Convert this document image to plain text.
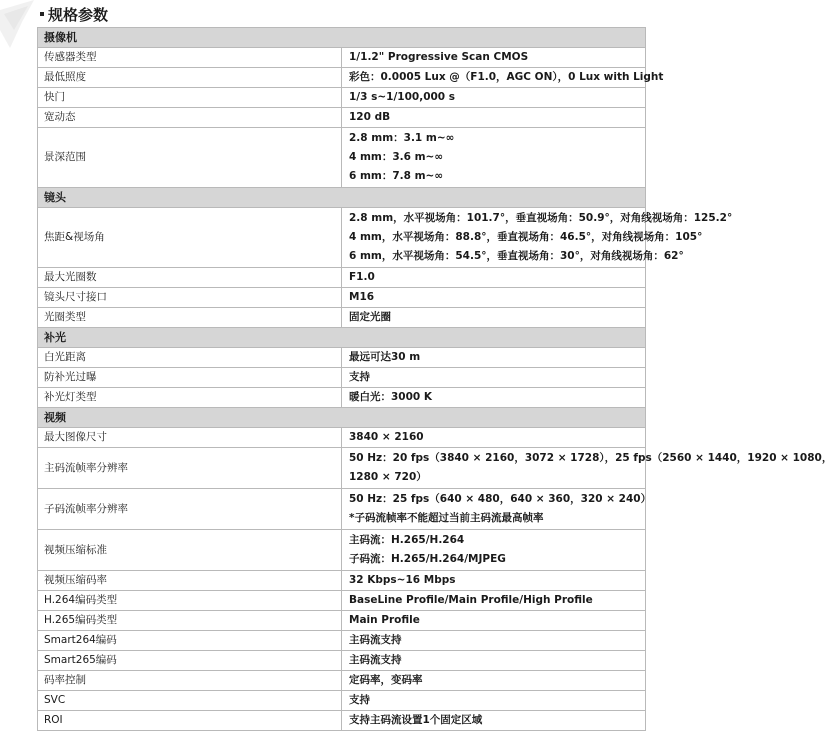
规格参数
摄像机	
传感器类型	1/1.2" Progressive Scan CMOS

最低照度	彩色：0.0005 Lux @（F1.0，AGC ON），0 Lux with Light

快门	1/3 s~1/100,000 s

宽动态	120 dB

景深范围	2.8 mm：3.1 m~∞
4 mm：3.6 m~∞
6 mm：7.8 m~∞

镜头	
焦距&视场角	2.8 mm，水平视场角：101.7°，垂直视场角：50.9°，对角线视场角：125.2°
4 mm，水平视场角：88.8°，垂直视场角：46.5°，对角线视场角：105°
6 mm，水平视场角：54.5°，垂直视场角：30°，对角线视场角：62°

最大光圈数	F1.0

镜头尺寸接口	M16

光圈类型	固定光圈

补光	
白光距离	最远可达30 m

防补光过曝	支持

补光灯类型	暖白光：3000 K

视频	
最大图像尺寸	3840 × 2160

主码流帧率分辨率	50 Hz：20 fps（3840 × 2160，3072 × 1728），25 fps（2560 × 1440，1920 × 1080，
1280 × 720）

子码流帧率分辨率	50 Hz：25 fps（640 × 480，640 × 360，320 × 240）
*子码流帧率不能超过当前主码流最高帧率

视频压缩标准	主码流：H.265/H.264
子码流：H.265/H.264/MJPEG

视频压缩码率	32 Kbps~16 Mbps

H.264编码类型	BaseLine Profile/Main Profile/High Profile

H.265编码类型	Main Profile

Smart264编码	主码流支持

Smart265编码	主码流支持

码率控制	定码率，变码率

SVC	支持

ROI	支持主码流设置1个固定区域
